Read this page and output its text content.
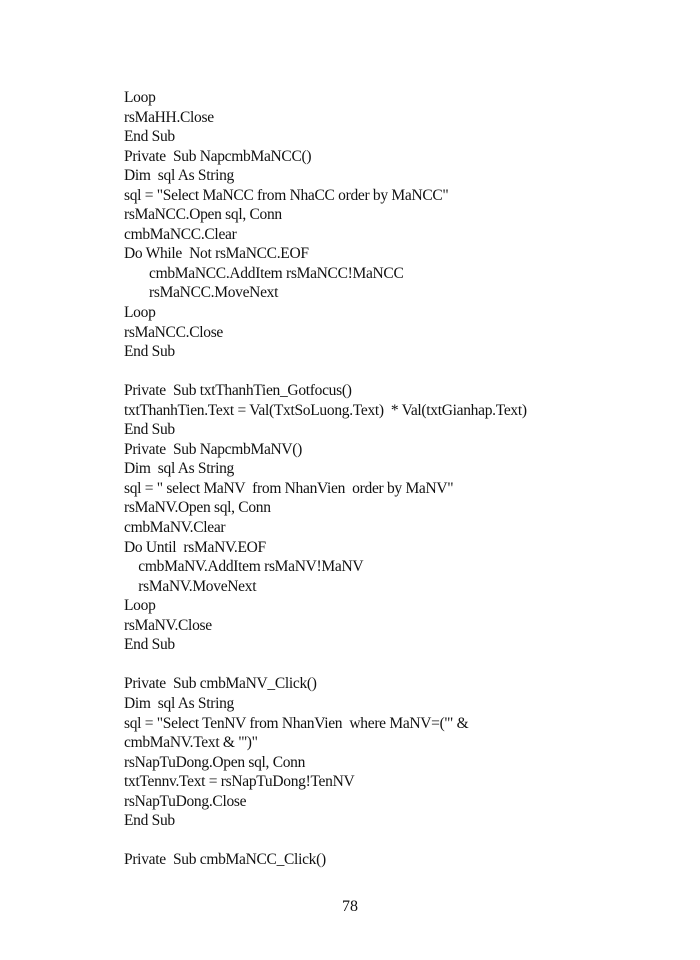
Loop
rsMaHH.Close
End Sub
Private  Sub NapcmbMaNCC()
Dim  sql As String
sql = "Select MaNCC from NhaCC order by MaNCC"
rsMaNCC.Open sql, Conn
cmbMaNCC.Clear
Do While  Not rsMaNCC.EOF
cmbMaNCC.AddItem rsMaNCC!MaNCC
rsMaNCC.MoveNext
Loop
rsMaNCC.Close
End Sub
Private  Sub txtThanhTien_Gotfocus()
txtThanhTien.Text = Val(TxtSoLuong.Text)  * Val(txtGianhap.Text)
End Sub
Private  Sub NapcmbMaNV()
Dim  sql As String
sql = " select MaNV  from NhanVien  order by MaNV"
rsMaNV.Open sql, Conn
cmbMaNV.Clear
Do Until  rsMaNV.EOF
cmbMaNV.AddItem rsMaNV!MaNV
rsMaNV.MoveNext
Loop
rsMaNV.Close
End Sub
Private  Sub cmbMaNV_Click()
Dim  sql As String
sql = "Select TenNV from NhanVien  where MaNV=('" &
cmbMaNV.Text & "')"
rsNapTuDong.Open sql, Conn
txtTennv.Text = rsNapTuDong!TenNV
rsNapTuDong.Close
End Sub
Private  Sub cmbMaNCC_Click()
78
